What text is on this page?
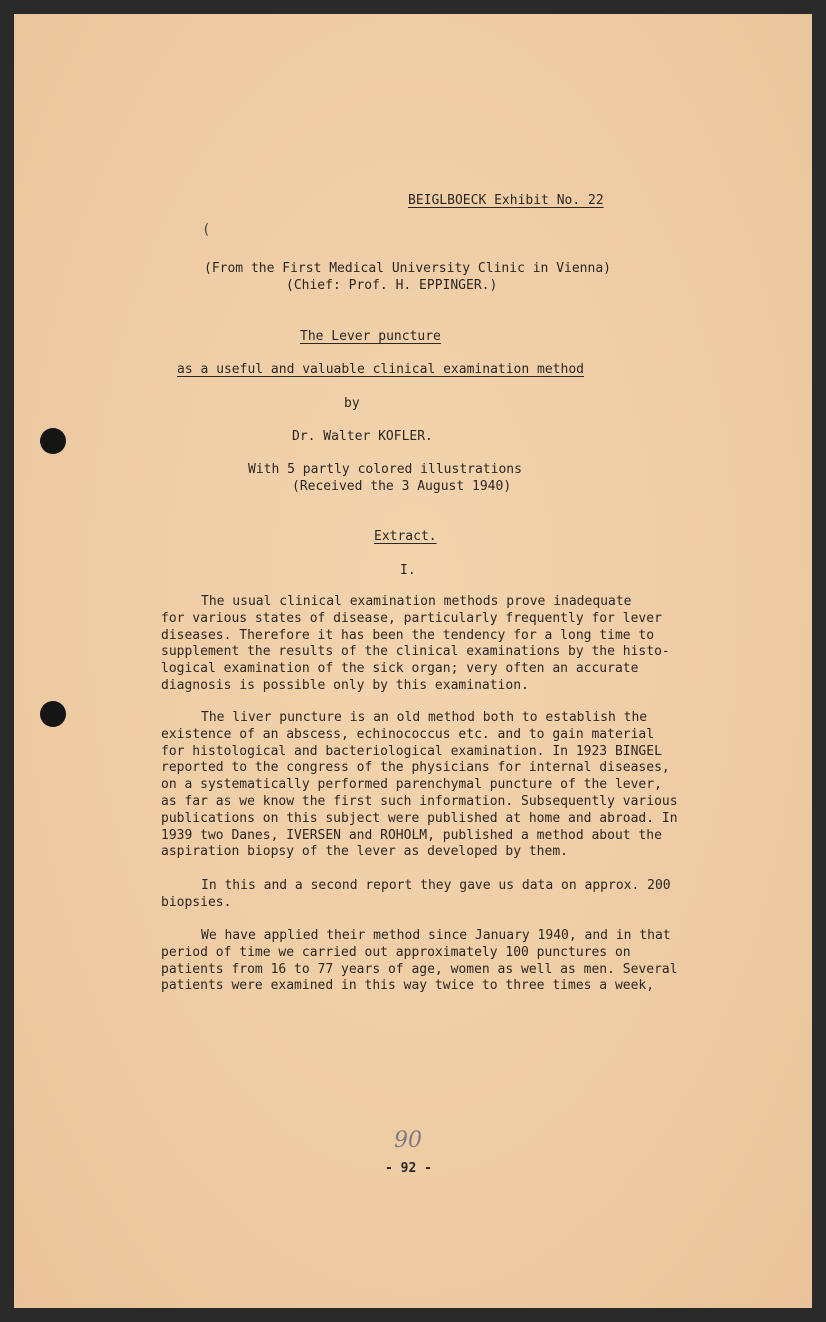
(
BEIGLBOECK Exhibit No. 22
(From the First Medical University Clinic in Vienna)
(Chief: Prof. H. EPPINGER.)
The Lever puncture
as a useful and valuable clinical examination method
by
Dr. Walter KOFLER.
With 5 partly colored illustrations
(Received the 3 August 1940)
Extract.
I.

The usual clinical examination methods prove inadequate
for various states of disease, particularly frequently for lever
diseases. Therefore it has been the tendency for a long time to
supplement the results of the clinical examinations by the histo-
logical examination of the sick organ; very often an accurate
diagnosis is possible only by this examination.

The liver puncture is an old method both to establish the
existence of an abscess, echinococcus etc. and to gain material
for histological and bacteriological examination. In 1923 BINGEL
reported to the congress of the physicians for internal diseases,
on a systematically performed parenchymal puncture of the lever,
as far as we know the first such information. Subsequently various
publications on this subject were published at home and abroad. In
1939 two Danes, IVERSEN and ROHOLM, published a method about the
aspiration biopsy of the lever as developed by them.

In this and a second report they gave us data on approx. 200
biopsies.

We have applied their method since January 1940, and in that
period of time we carried out approximately 100 punctures on
patients from 16 to 77 years of age, women as well as men. Several
patients were examined in this way twice to three times a week,

90
- 92 -
